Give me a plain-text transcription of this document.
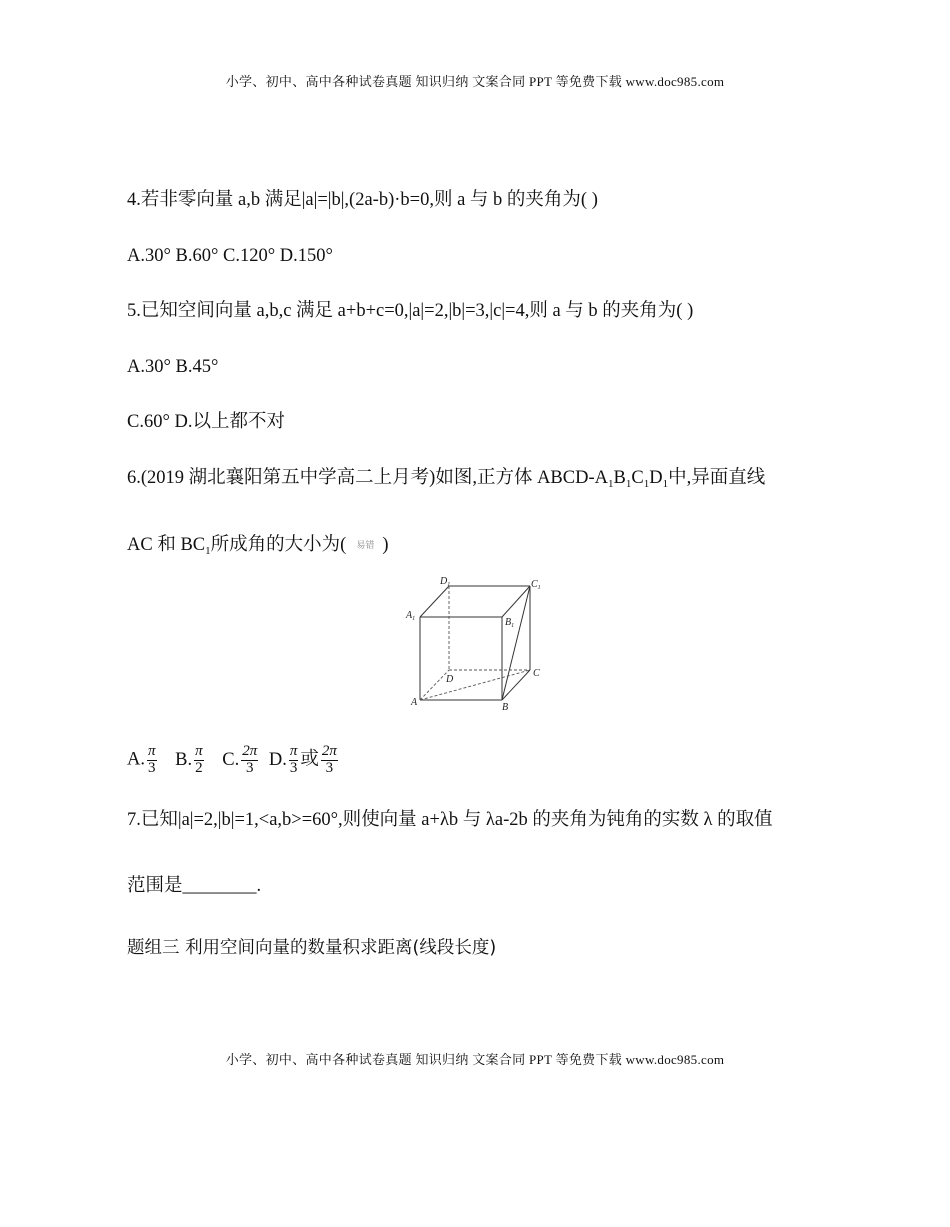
小学、初中、高中各种试卷真题 知识归纳 文案合同 PPT 等免费下载 www.doc985.com
4.若非零向量 a,b 满足|a|=|b|,(2a-b)·b=0,则 a 与 b 的夹角为( )
A.30° B.60° C.120° D.150°
5.已知空间向量 a,b,c 满足 a+b+c=0,|a|=2,|b|=3,|c|=4,则 a 与 b 的夹角为( )
A.30° B.45°
C.60° D.以上都不对
6.(2019 湖北襄阳第五中学高二上月考)如图,正方体 ABCD-$A_1B_1C_1D_1$中,异面直线
AC 和 $BC_1$所成角的大小为( 易错 )
$D_1$	$C_1$
$A_1$	$B_1$
D
C
A	B
A. $\frac{\pi}{3} B$. $\frac{\pi}{2} C$. $\frac{2\pi}{3} D$. $\frac{\pi}{3}$ 或 $\frac{2\pi}{3}$
7.已知|a|=2,|b|=1,<a,b>=60°,则使向量 a+λb 与 λa-2b 的夹角为钝角的实数 λ 的取值
范围是________.
题组三 利用空间向量的数量积求距离(线段长度)
小学、初中、高中各种试卷真题 知识归纳 文案合同 PPT 等免费下载 www.doc985.com
